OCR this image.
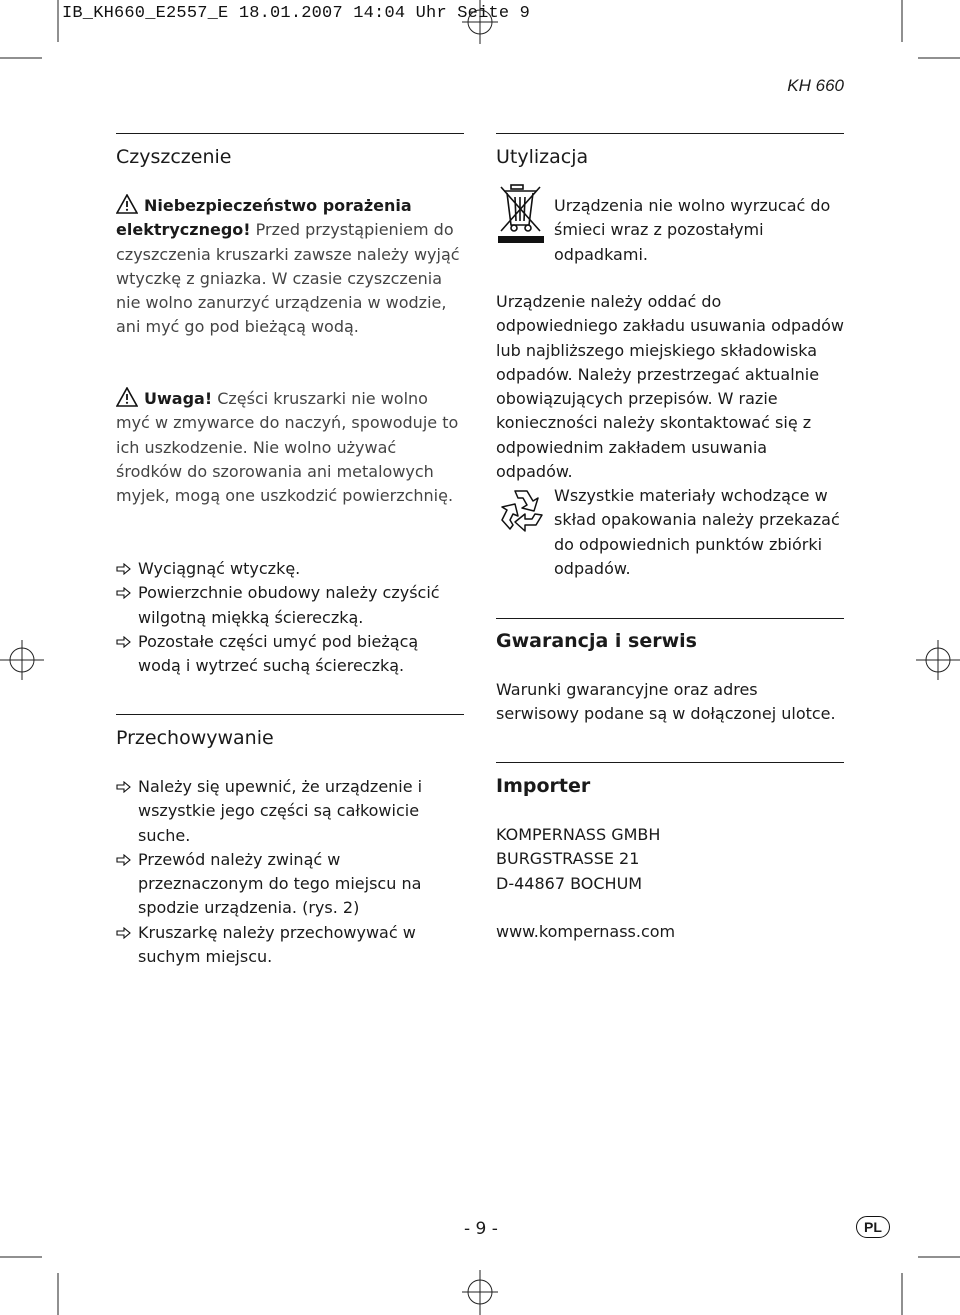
IB_KH660_E2557_E 18.01.2007 14:04 Uhr Seite 9
KH 660
Czyszczenie
Niebezpieczeństwo porażenia elektrycznego! Przed przystąpieniem do czyszczenia kruszarki zawsze należy wyjąć wtyczkę z gniazka. W czasie czyszczenia nie wolno zanurzyć urządzenia w wodzie, ani myć go pod bieżącą wodą.
Uwaga! Części kruszarki nie wolno myć w zmywarce do naczyń, spowoduje to ich uszkodzenie. Nie wolno używać środków do szorowania ani metalowych myjek, mogą one uszkodzić powierzchnię.
Wyciągnąć wtyczkę.
Powierzchnie obudowy należy czyścić wilgotną miękką ściereczką.
Pozostałe części umyć pod bieżącą wodą i wytrzeć suchą ściereczką.
Przechowywanie
Należy się upewnić, że urządzenie i wszystkie jego części są całkowicie suche.
Przewód należy zwinąć w przeznaczonym do tego miejscu na spodzie urządzenia. (rys. 2)
Kruszarkę należy przechowywać w suchym miejscu.
Utylizacja
Urządzenia nie wolno wyrzucać do śmieci wraz z pozostałymi odpadkami.
Urządzenie należy oddać do odpowiedniego zakładu usuwania odpadów lub najbliższego miejskiego składowiska odpadów. Należy przestrzegać aktualnie obowiązujących przepisów. W razie konieczności należy skontaktować się z odpowiednim zakładem usuwania odpadów.
Wszystkie materiały wchodzące w skład opakowania należy przekazać do odpowiednich punktów zbiórki odpadów.
Gwarancja i serwis
Warunki gwarancyjne oraz adres serwisowy podane są w dołączonej ulotce.
Importer
KOMPERNASS GMBH
BURGSTRASSE 21
D-44867 BOCHUM
www.kompernass.com
- 9 -	PL
